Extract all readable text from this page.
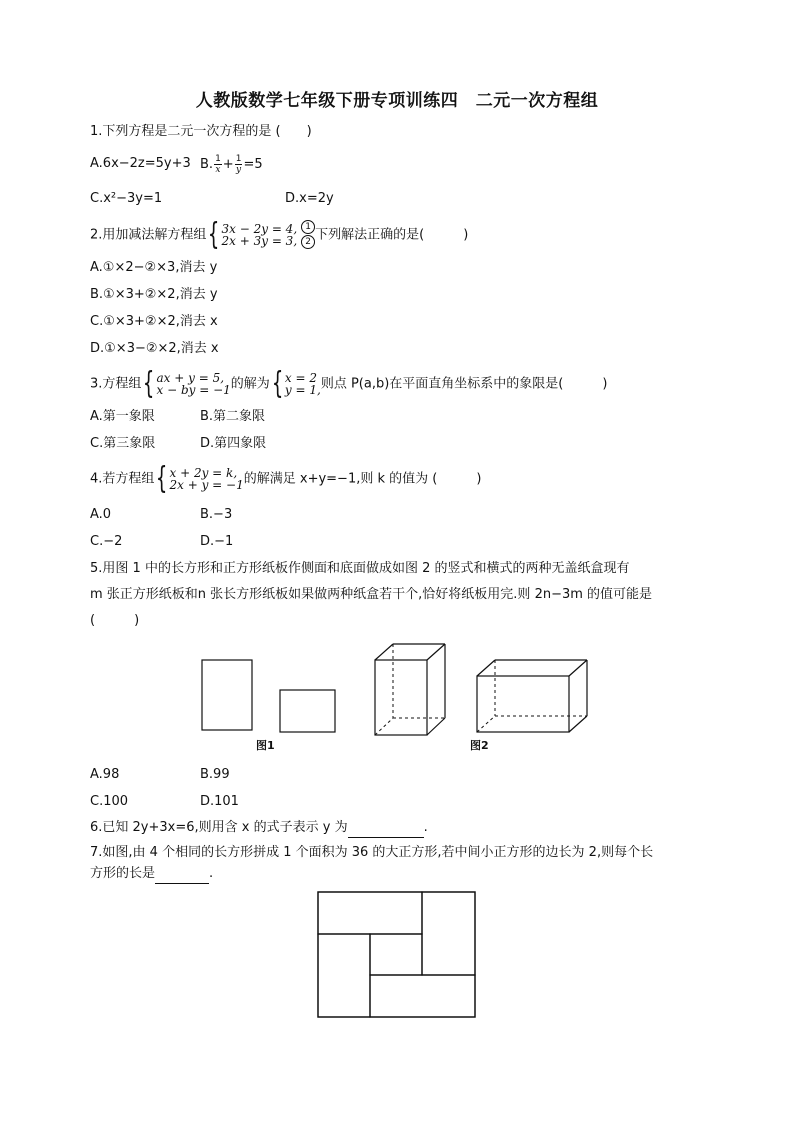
人教版数学七年级下册专项训练四　二元一次方程组
1.下列方程是二元一次方程的是 (　　)
A.6x−2z=5y+3 B. $\frac{1}{x} + \frac{1}{y} =5$
C.x²−3y=1	D.x=2y
2.用加减法解方程组{ 3x − 2y = 4,
2x + 3y = 3, $\frac{1}{2}$ 下列解法正确的是(　　　)
A.①×2−②×3,消去 y
B.①×3+②×2,消去 y
C.①×3+②×2,消去 x
D.①×3−②×2,消去 x
3.方程组{ ax + y = 5,
x − by = −1 的解为{ x = 2
y = 1, 则点 P(a,b)在平面直角坐标系中的象限是(　　　)
A.第一象限	B.第二象限
C.第三象限	D.第四象限
4.若方程组{ x + 2y = k,
2x + y = −1 的解满足 x+y=−1,则 k 的值为 (　　　)
A.0	B.−3
C.−2	D.−1
5.用图 1 中的长方形和正方形纸板作侧面和底面做成如图 2 的竖式和横式的两种无盖纸盒现有
m 张正方形纸板和n 张长方形纸板如果做两种纸盒若干个,恰好将纸板用完.则 2n−3m 的值可能是
(　　　)
图1	图2
A.98	B.99
C.100	D.101
6.已知 2y+3x=6,则用含 x 的式子表示 y 为	.
7.如图,由 4 个相同的长方形拼成 1 个面积为 36 的大正方形,若中间小正方形的边长为 2,则每个长
方形的长是	.
